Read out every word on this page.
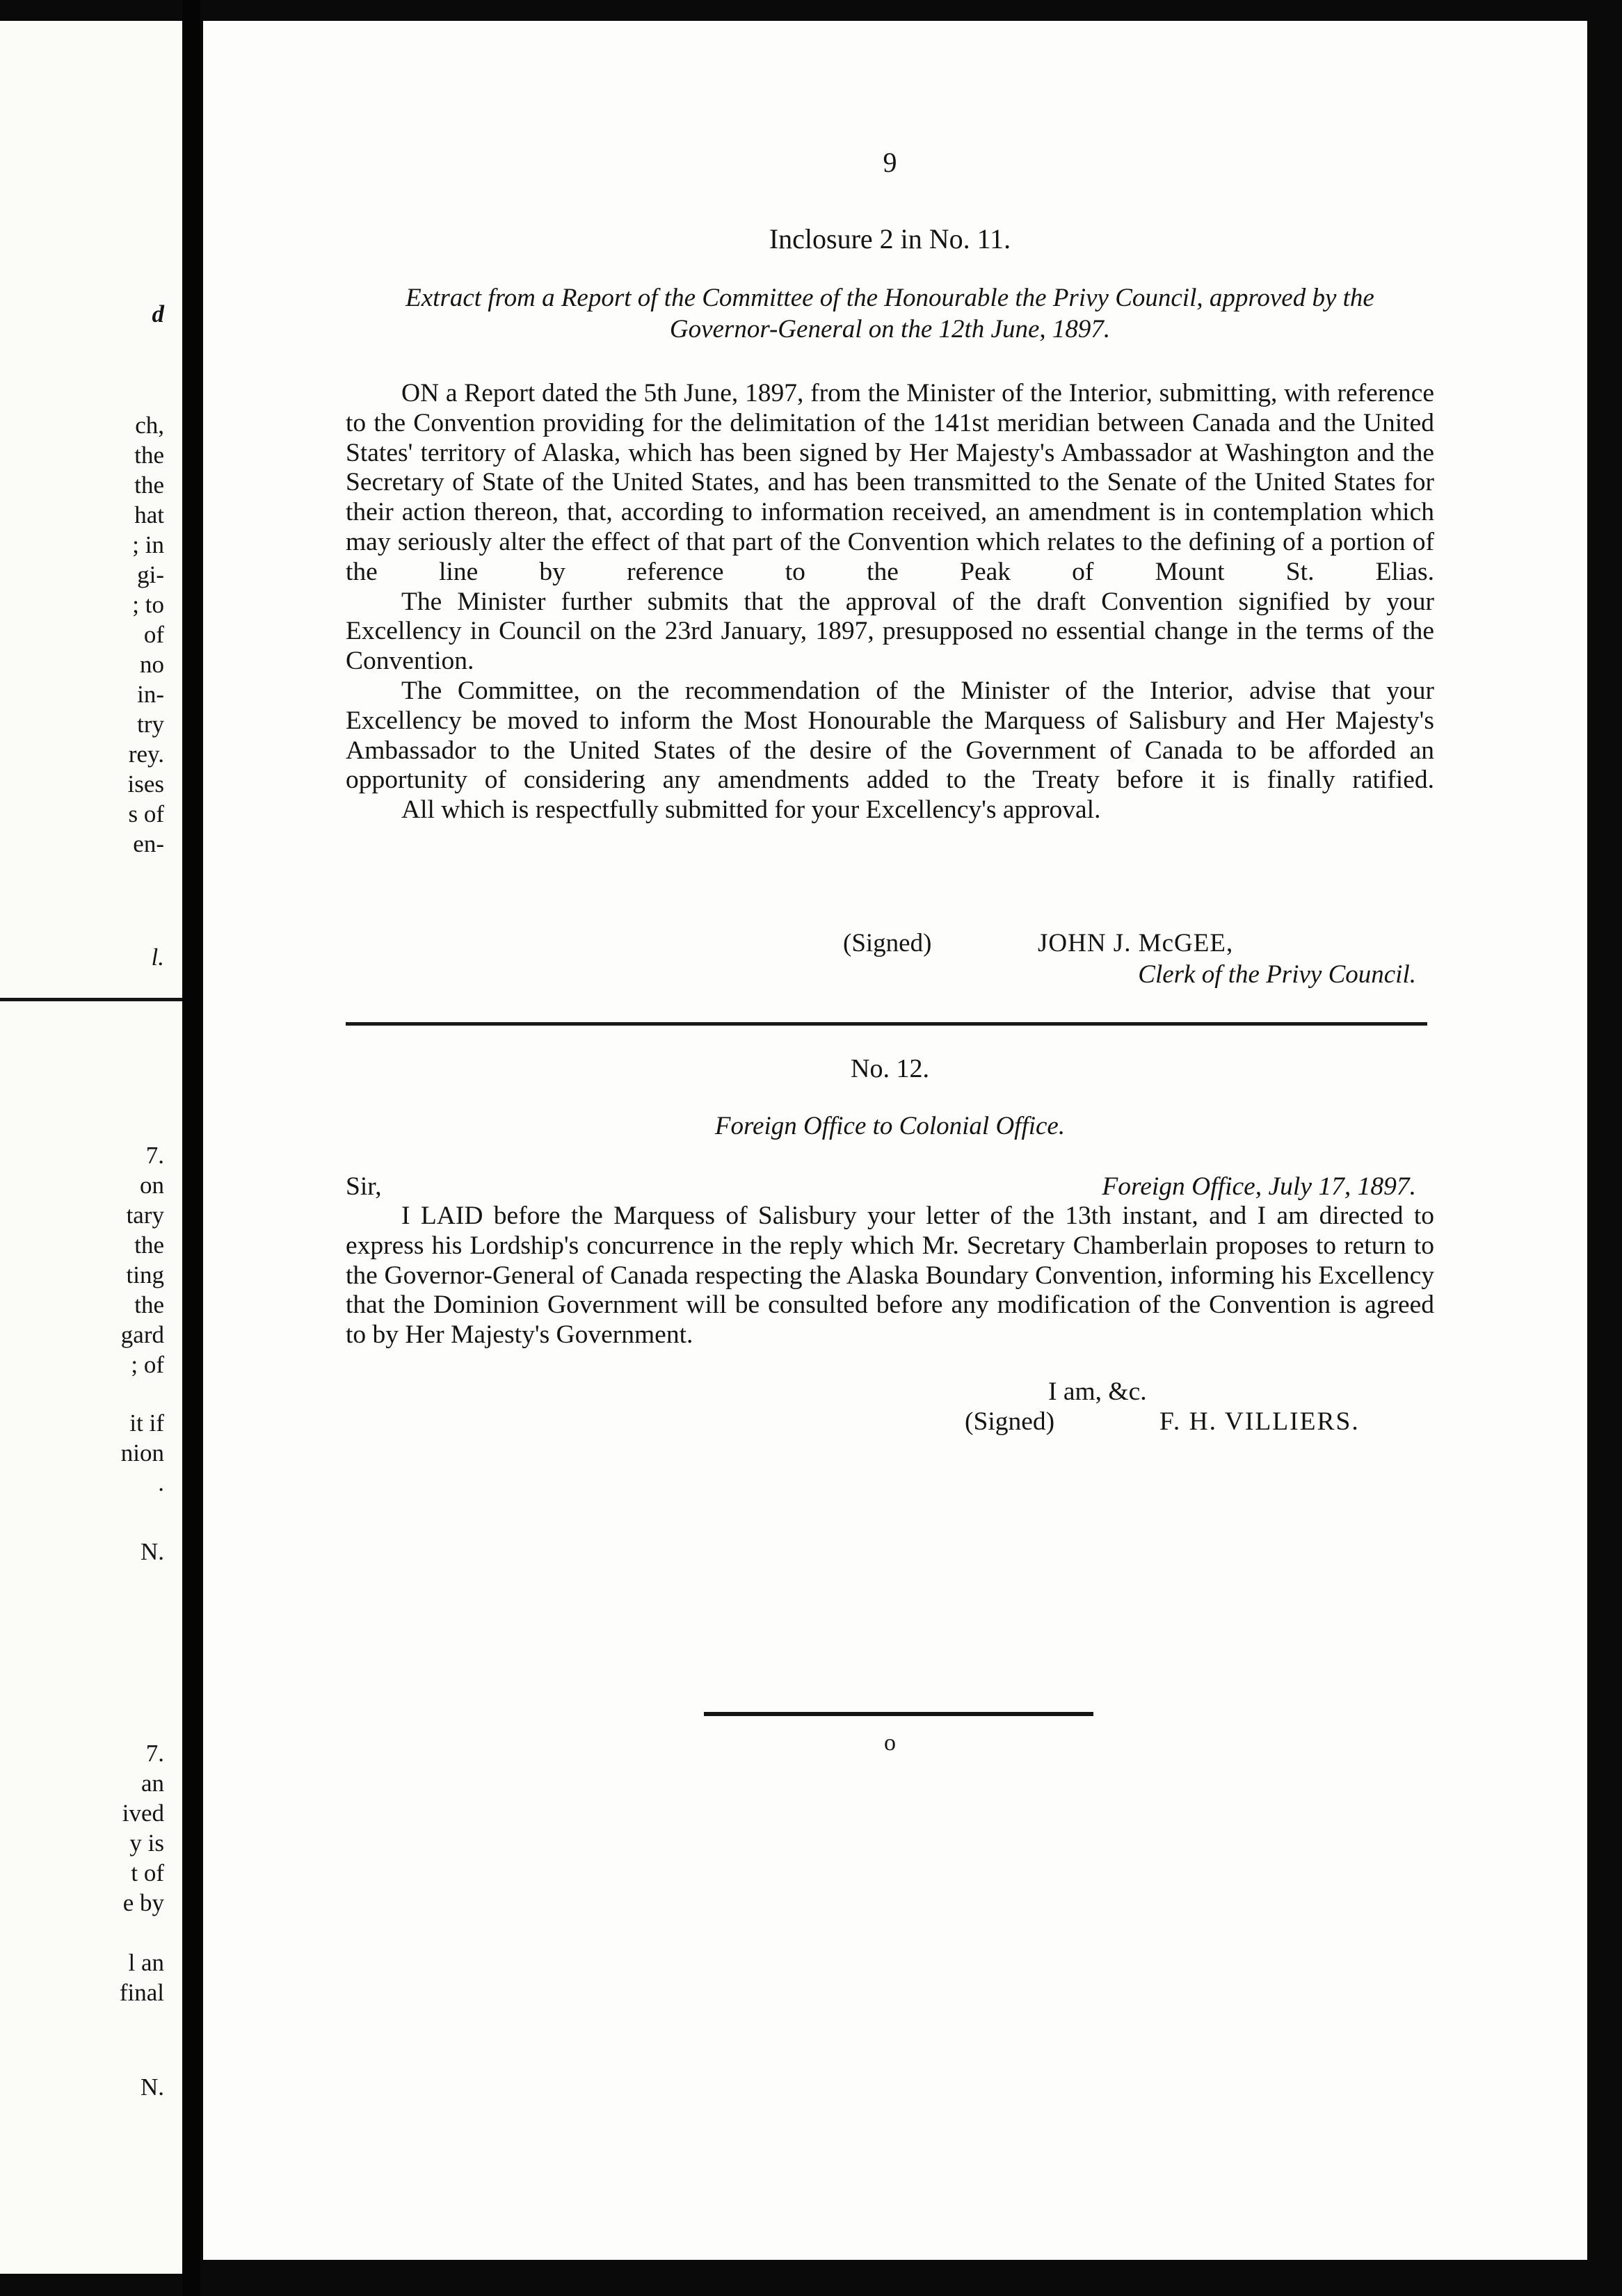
d
ch,
the
the
hat
; in
gi-
; to
of
no
in-
try
rey.
ises
s of
en-
l.
7.
on
tary
the
ting
the
gard
; of
it if
nion
.
N.
7.
an
ived
y is
t of
e by

l an
final
N.
9
Inclosure 2 in No. 11.
Extract from a Report of the Committee of the Honourable the Privy Council, approved by the Governor-General on the 12th June, 1897.

ON a Report dated the 5th June, 1897, from the Minister of the Interior, submitting, with reference to the Convention providing for the delimitation of the 141st meridian between Canada and the United States' territory of Alaska, which has been signed by Her Majesty's Ambassador at Washington and the Secretary of State of the United States, and has been transmitted to the Senate of the United States for their action thereon, that, according to information received, an amendment is in contemplation which may seriously alter the effect of that part of the Convention which relates to the defining of a portion of the line by reference to the Peak of Mount St. Elias.

The Minister further submits that the approval of the draft Convention signified by your Excellency in Council on the 23rd January, 1897, presupposed no essential change in the terms of the Convention.

The Committee, on the recommendation of the Minister of the Interior, advise that your Excellency be moved to inform the Most Honourable the Marquess of Salisbury and Her Majesty's Ambassador to the United States of the desire of the Government of Canada to be afforded an opportunity of considering any amendments added to the Treaty before it is finally ratified.

All which is respectfully submitted for your Excellency's approval.

(Signed)	JOHN J. McGEE,
Clerk of the Privy Council.
No. 12.
Foreign Office to Colonial Office.
Sir,	Foreign Office, July 17, 1897.

I LAID before the Marquess of Salisbury your letter of the 13th instant, and I am directed to express his Lordship's concurrence in the reply which Mr. Secretary Chamberlain proposes to return to the Governor-General of Canada respecting the Alaska Boundary Convention, informing his Excellency that the Dominion Government will be consulted before any modification of the Convention is agreed to by Her Majesty's Government.

I am, &c.
(Signed)	F. H. VILLIERS.
o
